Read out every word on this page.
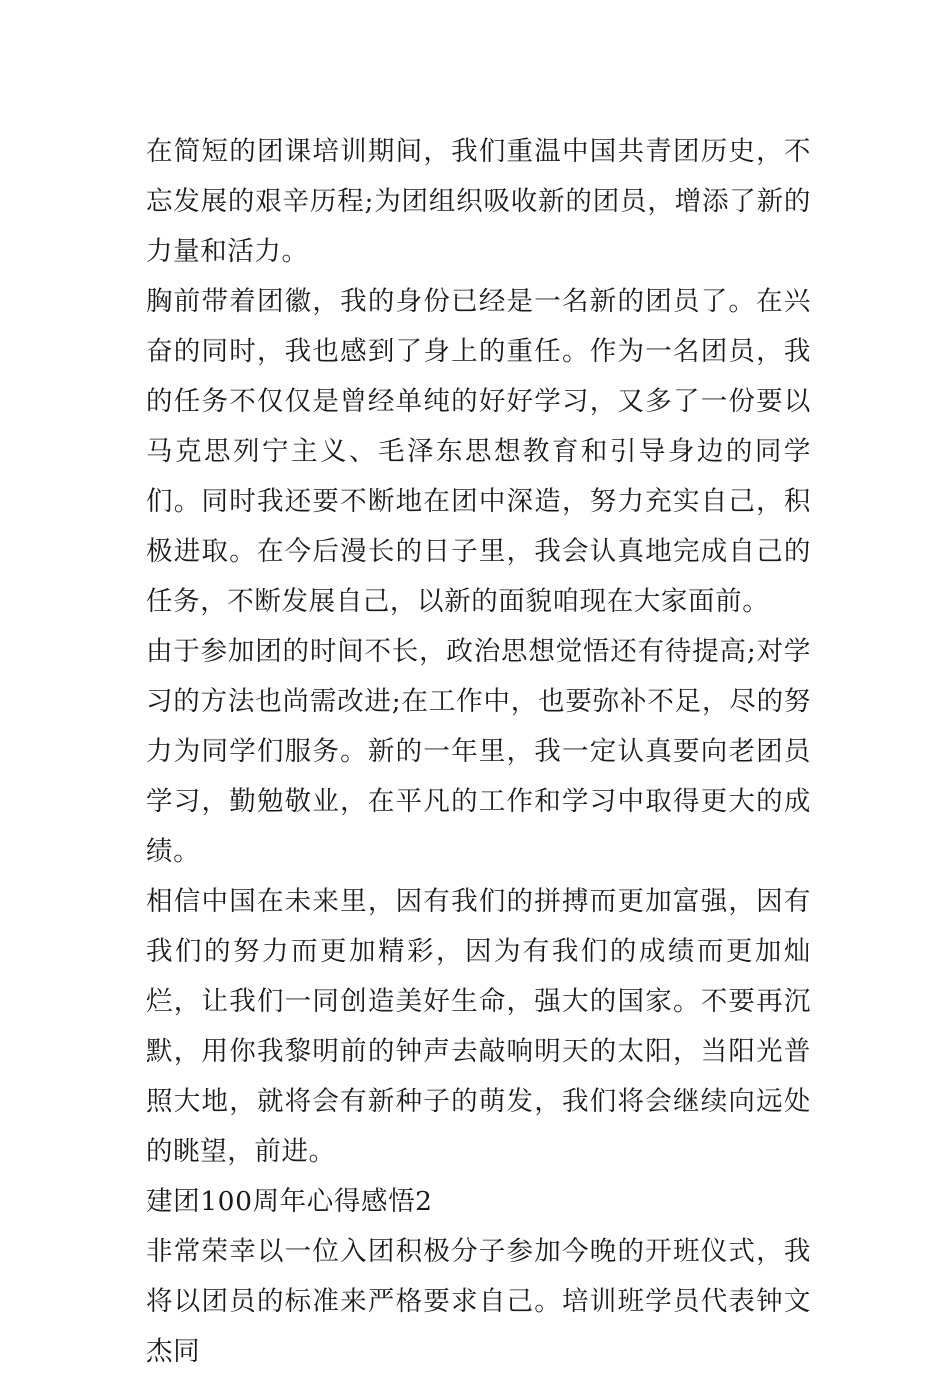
在简短的团课培训期间，我们重温中国共青团历史，不忘发展的艰辛历程;为团组织吸收新的团员，增添了新的力量和活力。

胸前带着团徽，我的身份已经是一名新的团员了。在兴奋的同时，我也感到了身上的重任。作为一名团员，我的任务不仅仅是曾经单纯的好好学习，又多了一份要以马克思列宁主义、毛泽东思想教育和引导身边的同学们。同时我还要不断地在团中深造，努力充实自己，积极进取。在今后漫长的日子里，我会认真地完成自己的任务，不断发展自己，以新的面貌咱现在大家面前。

由于参加团的时间不长，政治思想觉悟还有待提高;对学习的方法也尚需改进;在工作中，也要弥补不足，尽的努力为同学们服务。新的一年里，我一定认真要向老团员学习，勤勉敬业，在平凡的工作和学习中取得更大的成绩。

相信中国在未来里，因有我们的拼搏而更加富强，因有我们的努力而更加精彩，因为有我们的成绩而更加灿烂，让我们一同创造美好生命，强大的国家。不要再沉默，用你我黎明前的钟声去敲响明天的太阳，当阳光普照大地，就将会有新种子的萌发，我们将会继续向远处的眺望，前进。

建团100周年心得感悟2

非常荣幸以一位入团积极分子参加今晚的开班仪式，我将以团员的标准来严格要求自己。培训班学员代表钟文杰同
